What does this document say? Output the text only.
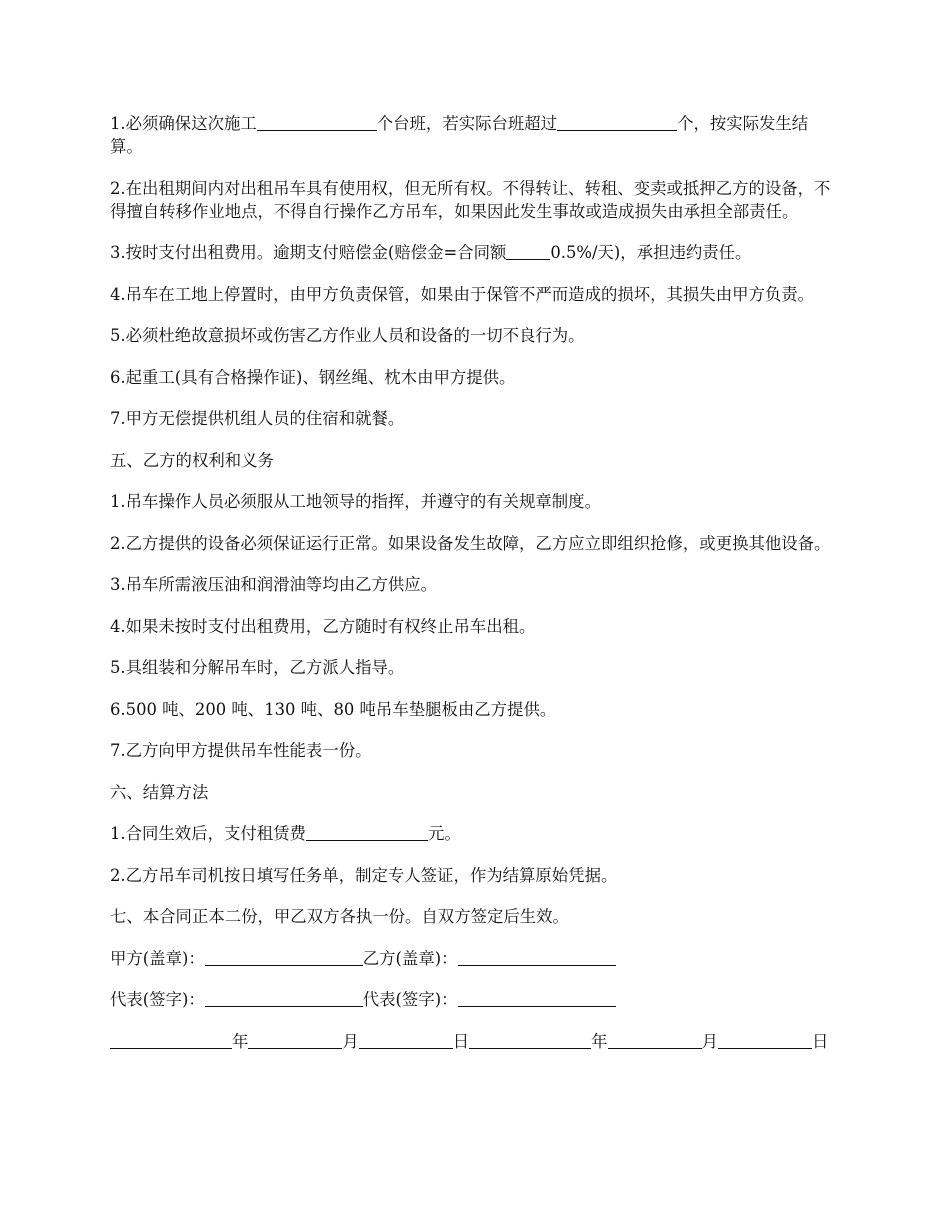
1.必须确保这次施工	个台班，若实际台班超过	个，按实际发生结算。

2.在出租期间内对出租吊车具有使用权，但无所有权。不得转让、转租、变卖或抵押乙方的设备，不得擅自转移作业地点，不得自行操作乙方吊车，如果因此发生事故或造成损失由承担全部责任。

3.按时支付出租费用。逾期支付赔偿金(赔偿金=合同额	0.5%/天)，承担违约责任。

4.吊车在工地上停置时，由甲方负责保管，如果由于保管不严而造成的损坏，其损失由甲方负责。

5.必须杜绝故意损坏或伤害乙方作业人员和设备的一切不良行为。

6.起重工(具有合格操作证)、钢丝绳、枕木由甲方提供。

7.甲方无偿提供机组人员的住宿和就餐。

五、乙方的权利和义务

1.吊车操作人员必须服从工地领导的指挥，并遵守的有关规章制度。

2.乙方提供的设备必须保证运行正常。如果设备发生故障，乙方应立即组织抢修，或更换其他设备。

3.吊车所需液压油和润滑油等均由乙方供应。

4.如果未按时支付出租费用，乙方随时有权终止吊车出租。

5.具组装和分解吊车时，乙方派人指导。

6.500 吨、200 吨、130 吨、80 吨吊车垫腿板由乙方提供。

7.乙方向甲方提供吊车性能表一份。

六、结算方法

1.合同生效后，支付租赁费	元。

2.乙方吊车司机按日填写任务单，制定专人签证，作为结算原始凭据。

七、本合同正本二份，甲乙双方各执一份。自双方签定后生效。

甲方(盖章)：	乙方(盖章)：

代表(签字)：	代表(签字)：

年	月	日	年	月	日
